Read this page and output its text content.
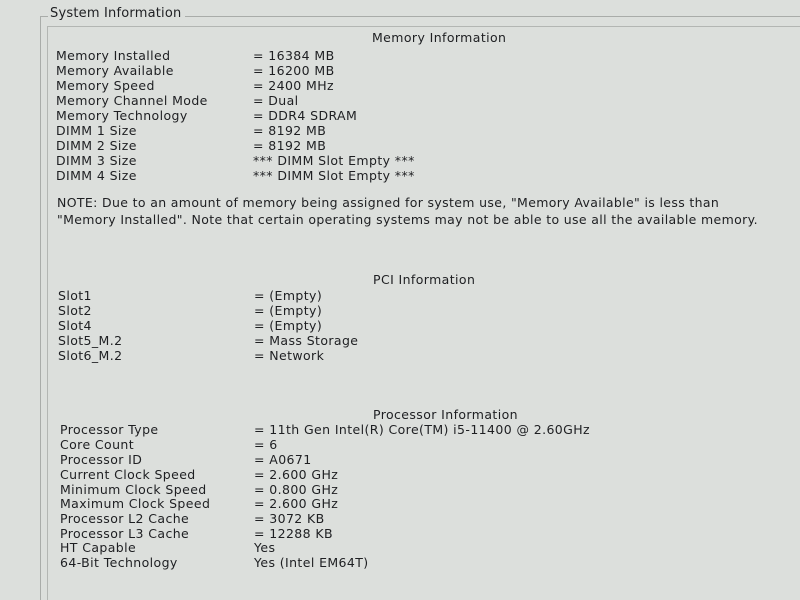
System Information
Memory Information
Memory Installed	= 16384 MB
Memory Available	= 16200 MB
Memory Speed	= 2400 MHz
Memory Channel Mode	= Dual
Memory Technology	= DDR4 SDRAM
DIMM 1 Size	= 8192 MB
DIMM 2 Size	= 8192 MB
DIMM 3 Size	*** DIMM Slot Empty ***
DIMM 4 Size	*** DIMM Slot Empty ***
NOTE: Due to an amount of memory being assigned for system use, "Memory Available" is less than "Memory Installed". Note that certain operating systems may not be able to use all the available memory.
PCI Information
Slot1	= (Empty)
Slot2	= (Empty)
Slot4	= (Empty)
Slot5_M.2	= Mass Storage
Slot6_M.2	= Network
Processor Information
Processor Type	= 11th Gen Intel(R) Core(TM) i5-11400 @ 2.60GHz
Core Count	= 6
Processor ID	= A0671
Current Clock Speed	= 2.600 GHz
Minimum Clock Speed	= 0.800 GHz
Maximum Clock Speed	= 2.600 GHz
Processor L2 Cache	= 3072 KB
Processor L3 Cache	= 12288 KB
HT Capable	Yes
64-Bit Technology	Yes (Intel EM64T)
